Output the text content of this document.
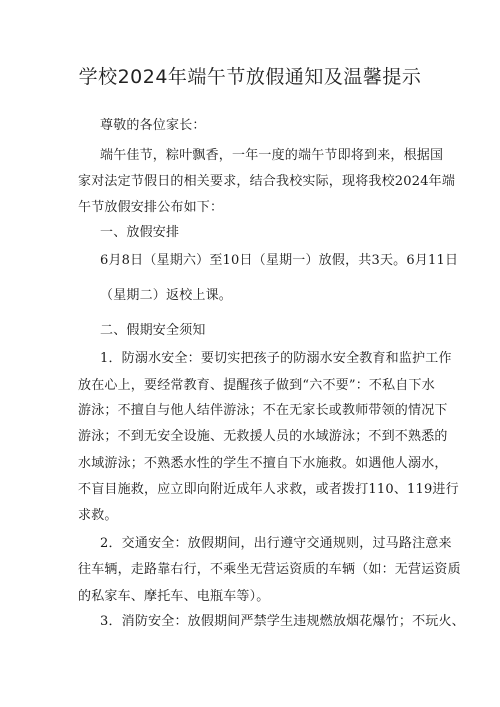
学校2024年端午节放假通知及温馨提示
尊敬的各位家长：
端午佳节，粽叶飘香，一年一度的端午节即将到来，根据国
家对法定节假日的相关要求，结合我校实际，现将我校2024年端
午节放假安排公布如下：
一、放假安排
6月8日（星期六）至10日（星期一）放假，共3天。6月11日
（星期二）返校上课。
二、假期安全须知
1．防溺水安全：要切实把孩子的防溺水安全教育和监护工作
放在心上，要经常教育、提醒孩子做到“六不要”：不私自下水
游泳；不擅自与他人结伴游泳；不在无家长或教师带领的情况下
游泳；不到无安全设施、无救援人员的水域游泳；不到不熟悉的
水域游泳；不熟悉水性的学生不擅自下水施救。如遇他人溺水，
不盲目施救，应立即向附近成年人求救，或者拨打110、119进行
求救。
2．交通安全：放假期间，出行遵守交通规则，过马路注意来
往车辆，走路靠右行，不乘坐无营运资质的车辆（如：无营运资质
的私家车、摩托车、电瓶车等）。
3．消防安全：放假期间严禁学生违规燃放烟花爆竹；不玩火、
